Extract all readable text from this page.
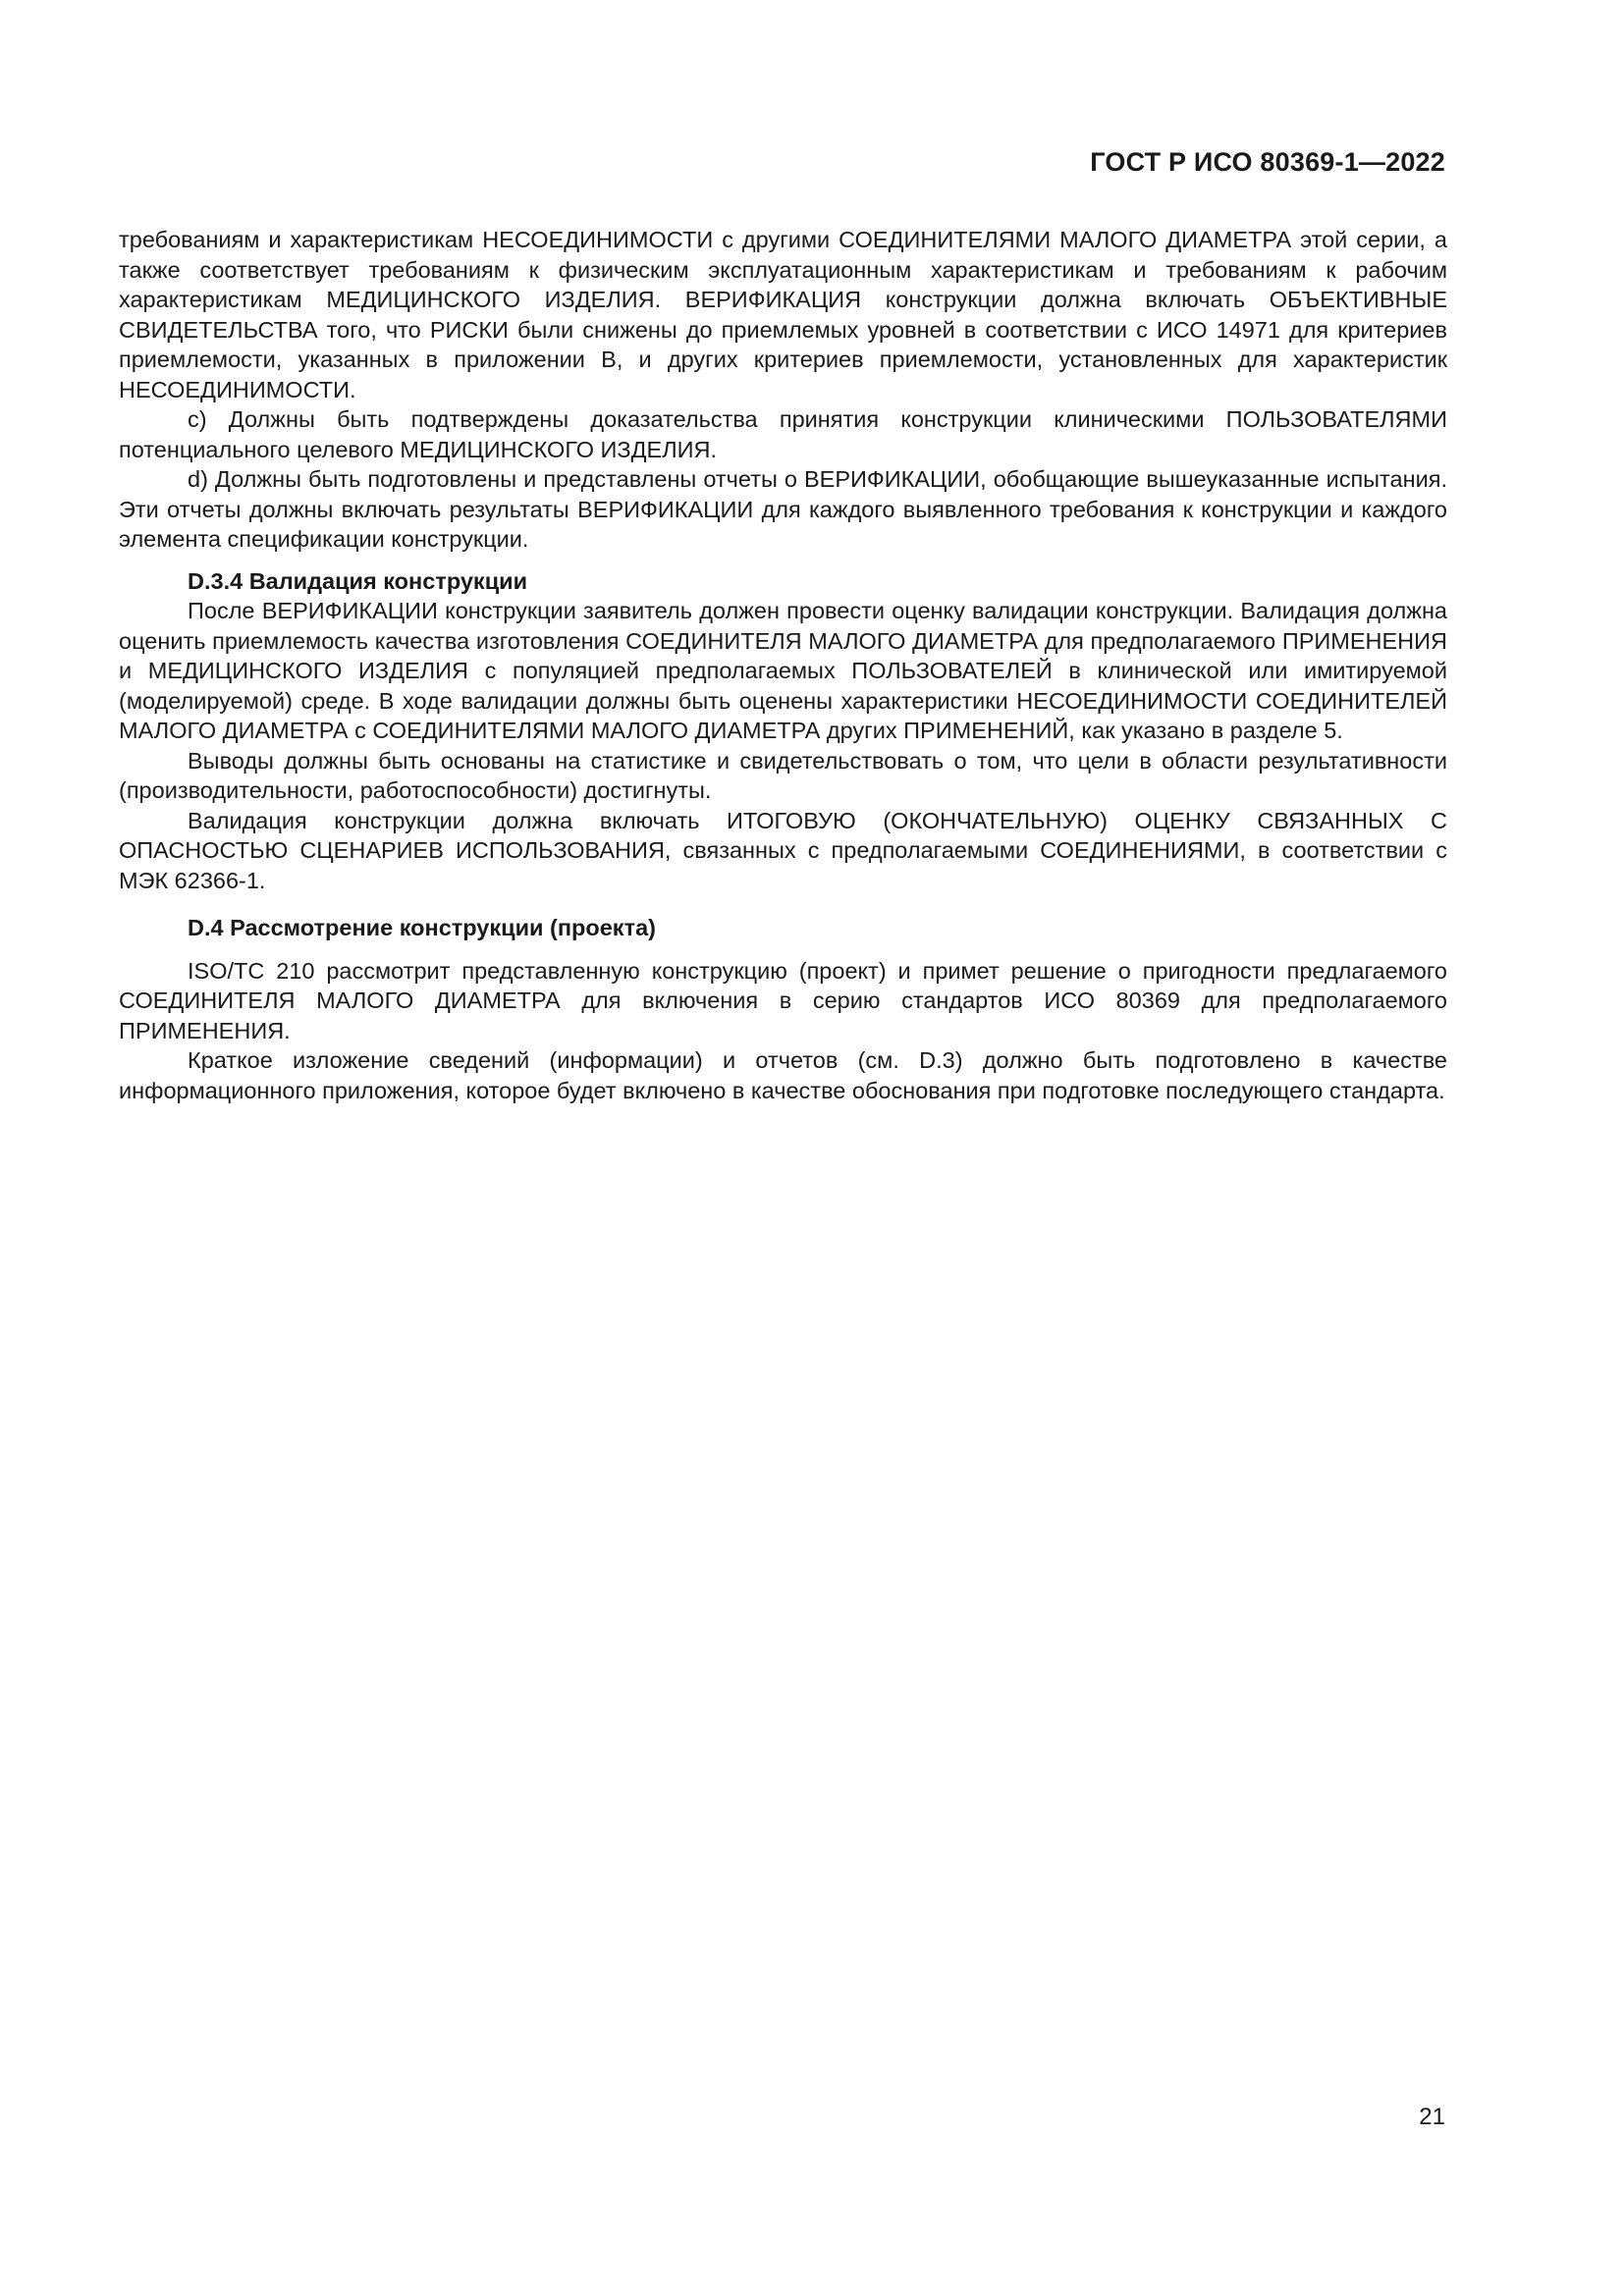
ГОСТ Р ИСО 80369-1—2022

требованиям и характеристикам НЕСОЕДИНИМОСТИ с другими СОЕДИНИТЕЛЯМИ МАЛОГО ДИАМЕТРА этой серии, а также соответствует требованиям к физическим эксплуатационным характеристикам и требованиям к рабочим характеристикам МЕДИЦИНСКОГО ИЗДЕЛИЯ. ВЕРИФИКАЦИЯ конструкции должна включать ОБЪЕКТИВНЫЕ СВИДЕТЕЛЬСТВА того, что РИСКИ были снижены до приемлемых уровней в соответствии с ИСО 14971 для критериев приемлемости, указанных в приложении B, и других критериев приемлемости, установленных для характеристик НЕСОЕДИНИМОСТИ.

c) Должны быть подтверждены доказательства принятия конструкции клиническими ПОЛЬЗОВАТЕЛЯМИ потенциального целевого МЕДИЦИНСКОГО ИЗДЕЛИЯ.

d) Должны быть подготовлены и представлены отчеты о ВЕРИФИКАЦИИ, обобщающие вышеуказанные испытания. Эти отчеты должны включать результаты ВЕРИФИКАЦИИ для каждого выявленного требования к конструкции и каждого элемента спецификации конструкции.

D.3.4 Валидация конструкции

После ВЕРИФИКАЦИИ конструкции заявитель должен провести оценку валидации конструкции. Валидация должна оценить приемлемость качества изготовления СОЕДИНИТЕЛЯ МАЛОГО ДИАМЕТРА для предполагаемого ПРИМЕНЕНИЯ и МЕДИЦИНСКОГО ИЗДЕЛИЯ с популяцией предполагаемых ПОЛЬЗОВАТЕЛЕЙ в клинической или имитируемой (моделируемой) среде. В ходе валидации должны быть оценены характеристики НЕСОЕДИНИМОСТИ СОЕДИНИТЕЛЕЙ МАЛОГО ДИАМЕТРА с СОЕДИНИТЕЛЯМИ МАЛОГО ДИАМЕТРА других ПРИМЕНЕНИЙ, как указано в разделе 5.

Выводы должны быть основаны на статистике и свидетельствовать о том, что цели в области результативности (производительности, работоспособности) достигнуты.

Валидация конструкции должна включать ИТОГОВУЮ (ОКОНЧАТЕЛЬНУЮ) ОЦЕНКУ СВЯЗАННЫХ С ОПАСНОСТЬЮ СЦЕНАРИЕВ ИСПОЛЬЗОВАНИЯ, связанных с предполагаемыми СОЕДИНЕНИЯМИ, в соответствии с МЭК 62366-1.

D.4 Рассмотрение конструкции (проекта)

ISO/TC 210 рассмотрит представленную конструкцию (проект) и примет решение о пригодности предлагаемого СОЕДИНИТЕЛЯ МАЛОГО ДИАМЕТРА для включения в серию стандартов ИСО 80369 для предполагаемого ПРИМЕНЕНИЯ.

Краткое изложение сведений (информации) и отчетов (см. D.3) должно быть подготовлено в качестве информационного приложения, которое будет включено в качестве обоснования при подготовке последующего стандарта.

21
